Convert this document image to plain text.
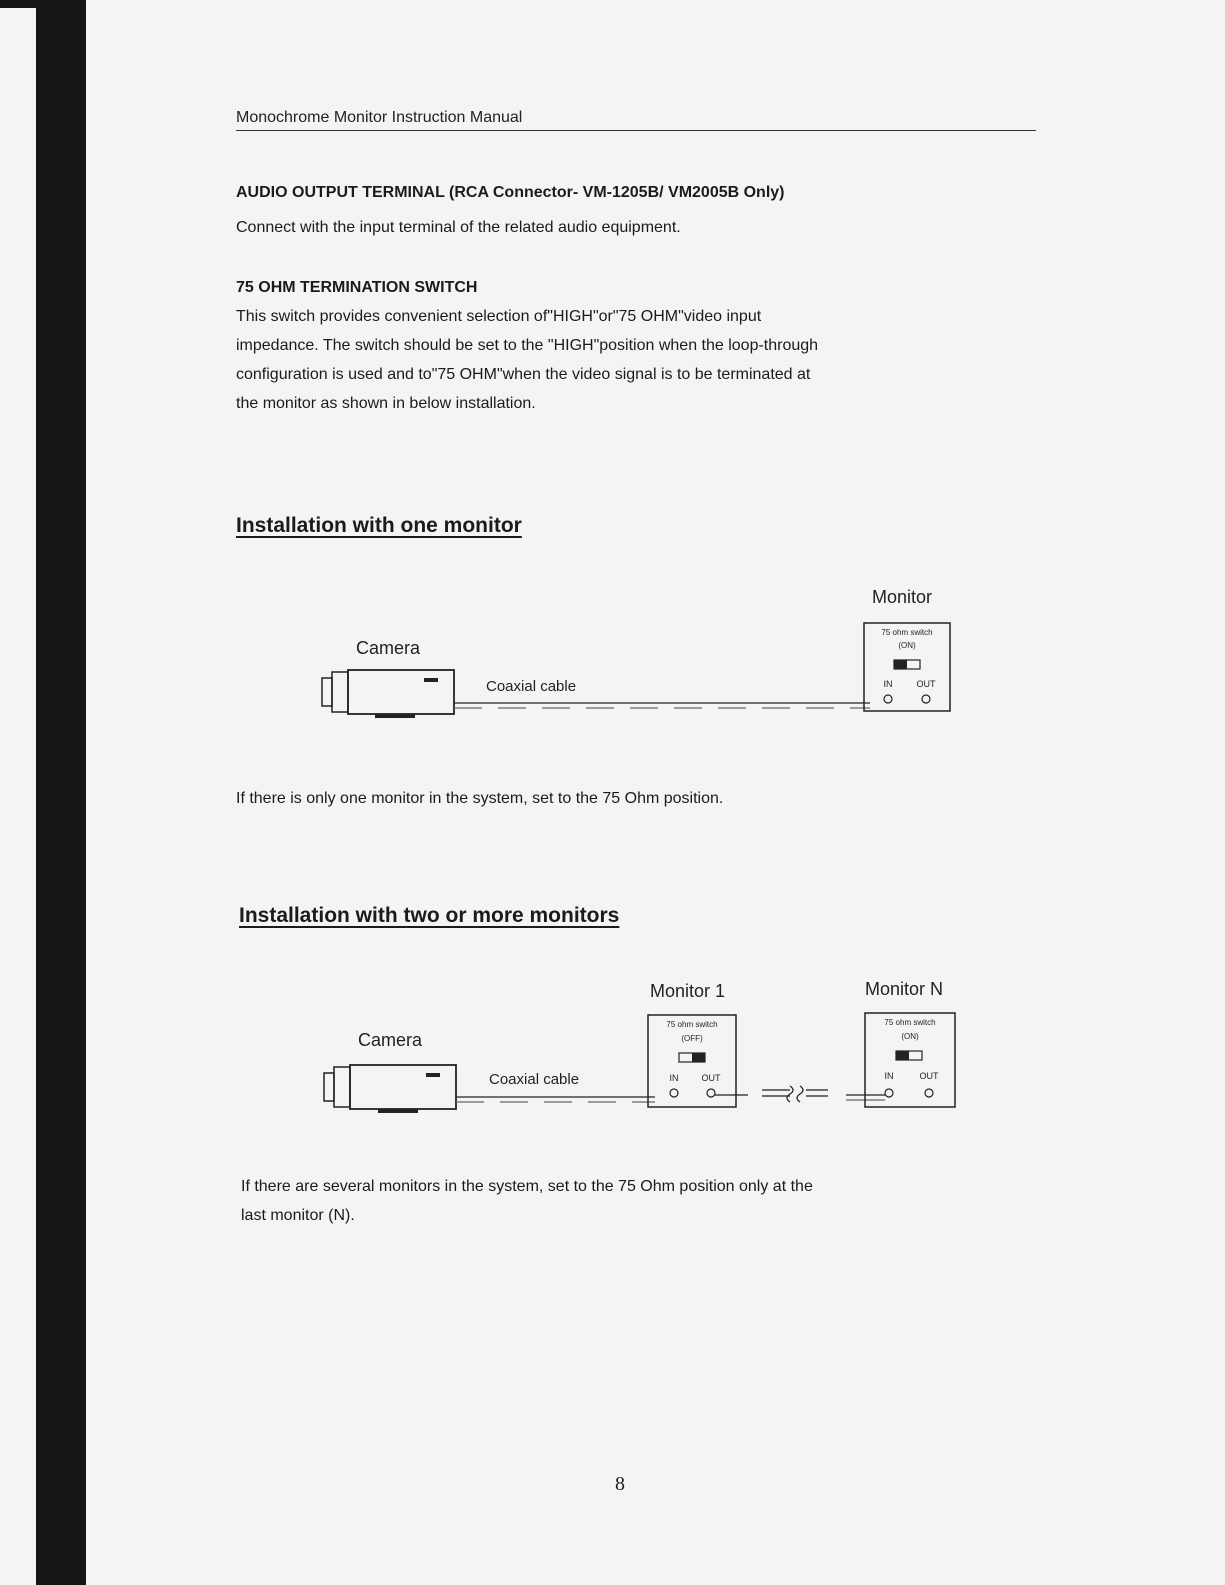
Monochrome Monitor Instruction Manual
AUDIO OUTPUT TERMINAL (RCA Connector- VM-1205B/ VM2005B Only)
Connect with the input terminal of the related audio equipment.
75 OHM TERMINATION SWITCH
This switch provides convenient selection of"HIGH"or"75 OHM"video input
impedance. The switch should be set to the "HIGH"position when the loop-through
configuration is used and to"75 OHM"when the video signal is to be terminated at
the monitor as shown in below installation.
Installation with one monitor
Camera
Coaxial cable
Monitor
75 ohm switch
(ON)
IN	OUT
Camera
Coaxial cable
Monitor 1
75 ohm switch
(OFF)
IN	OUT
Monitor N
75 ohm switch
(ON)
IN	OUT
If there is only one monitor in the system, set to the 75 Ohm position.
Installation with two or more monitors
If there are several monitors in the system, set to the 75 Ohm position only at the
last monitor (N).
8
